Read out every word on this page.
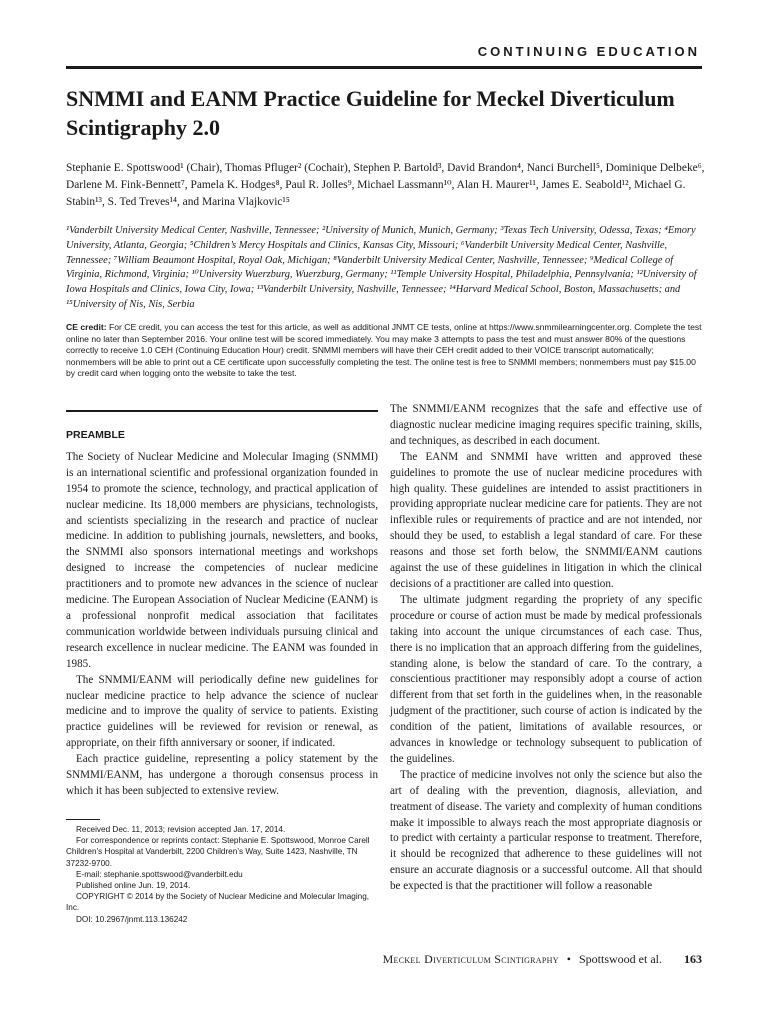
CONTINUING EDUCATION
SNMMI and EANM Practice Guideline for Meckel Diverticulum Scintigraphy 2.0

Stephanie E. Spottswood¹ (Chair), Thomas Pfluger² (Cochair), Stephen P. Bartold³, David Brandon⁴, Nanci Burchell⁵, Dominique Delbeke⁶, Darlene M. Fink-Bennett⁷, Pamela K. Hodges⁸, Paul R. Jolles⁹, Michael Lassmann¹⁰, Alan H. Maurer¹¹, James E. Seabold¹², Michael G. Stabin¹³, S. Ted Treves¹⁴, and Marina Vlajkovic¹⁵

¹Vanderbilt University Medical Center, Nashville, Tennessee; ²University of Munich, Munich, Germany; ³Texas Tech University, Odessa, Texas; ⁴Emory University, Atlanta, Georgia; ⁵Children’s Mercy Hospitals and Clinics, Kansas City, Missouri; ⁶Vanderbilt University Medical Center, Nashville, Tennessee; ⁷William Beaumont Hospital, Royal Oak, Michigan; ⁸Vanderbilt University Medical Center, Nashville, Tennessee; ⁹Medical College of Virginia, Richmond, Virginia; ¹⁰University Wuerzburg, Wuerzburg, Germany; ¹¹Temple University Hospital, Philadelphia, Pennsylvania; ¹²University of Iowa Hospitals and Clinics, Iowa City, Iowa; ¹³Vanderbilt University, Nashville, Tennessee; ¹⁴Harvard Medical School, Boston, Massachusetts; and ¹⁵University of Nis, Nis, Serbia

CE credit: For CE credit, you can access the test for this article, as well as additional JNMT CE tests, online at https://www.snmmilearningcenter.org. Complete the test online no later than September 2016. Your online test will be scored immediately. You may make 3 attempts to pass the test and must answer 80% of the questions correctly to receive 1.0 CEH (Continuing Education Hour) credit. SNMMI members will have their CEH credit added to their VOICE transcript automatically; nonmembers will be able to print out a CE certificate upon successfully completing the test. The online test is free to SNMMI members; nonmembers must pay $15.00 by credit card when logging onto the website to take the test.

PREAMBLE

The Society of Nuclear Medicine and Molecular Imaging (SNMMI) is an international scientific and professional organization founded in 1954 to promote the science, technology, and practical application of nuclear medicine. Its 18,000 members are physicians, technologists, and scientists specializing in the research and practice of nuclear medicine. In addition to publishing journals, newsletters, and books, the SNMMI also sponsors international meetings and workshops designed to increase the competencies of nuclear medicine practitioners and to promote new advances in the science of nuclear medicine. The European Association of Nuclear Medicine (EANM) is a professional nonprofit medical association that facilitates communication worldwide between individuals pursuing clinical and research excellence in nuclear medicine. The EANM was founded in 1985.

The SNMMI/EANM will periodically define new guidelines for nuclear medicine practice to help advance the science of nuclear medicine and to improve the quality of service to patients. Existing practice guidelines will be reviewed for revision or renewal, as appropriate, on their fifth anniversary or sooner, if indicated.

Each practice guideline, representing a policy statement by the SNMMI/EANM, has undergone a thorough consensus process in which it has been subjected to extensive review.

Received Dec. 11, 2013; revision accepted Jan. 17, 2014.
For correspondence or reprints contact: Stephanie E. Spottswood, Monroe Carell Children’s Hospital at Vanderbilt, 2200 Children’s Way, Suite 1423, Nashville, TN 37232-9700.
E-mail: stephanie.spottswood@vanderbilt.edu
Published online Jun. 19, 2014.
COPYRIGHT © 2014 by the Society of Nuclear Medicine and Molecular Imaging, Inc.
DOI: 10.2967/jnmt.113.136242

The SNMMI/EANM recognizes that the safe and effective use of diagnostic nuclear medicine imaging requires specific training, skills, and techniques, as described in each document.

The EANM and SNMMI have written and approved these guidelines to promote the use of nuclear medicine procedures with high quality. These guidelines are intended to assist practitioners in providing appropriate nuclear medicine care for patients. They are not inflexible rules or requirements of practice and are not intended, nor should they be used, to establish a legal standard of care. For these reasons and those set forth below, the SNMMI/EANM cautions against the use of these guidelines in litigation in which the clinical decisions of a practitioner are called into question.

The ultimate judgment regarding the propriety of any specific procedure or course of action must be made by medical professionals taking into account the unique circumstances of each case. Thus, there is no implication that an approach differing from the guidelines, standing alone, is below the standard of care. To the contrary, a conscientious practitioner may responsibly adopt a course of action different from that set forth in the guidelines when, in the reasonable judgment of the practitioner, such course of action is indicated by the condition of the patient, limitations of available resources, or advances in knowledge or technology subsequent to publication of the guidelines.

The practice of medicine involves not only the science but also the art of dealing with the prevention, diagnosis, alleviation, and treatment of disease. The variety and complexity of human conditions make it impossible to always reach the most appropriate diagnosis or to predict with certainty a particular response to treatment. Therefore, it should be recognized that adherence to these guidelines will not ensure an accurate diagnosis or a successful outcome. All that should be expected is that the practitioner will follow a reasonable

Meckel Diverticulum Scintigraphy • Spottswood et al. 163
